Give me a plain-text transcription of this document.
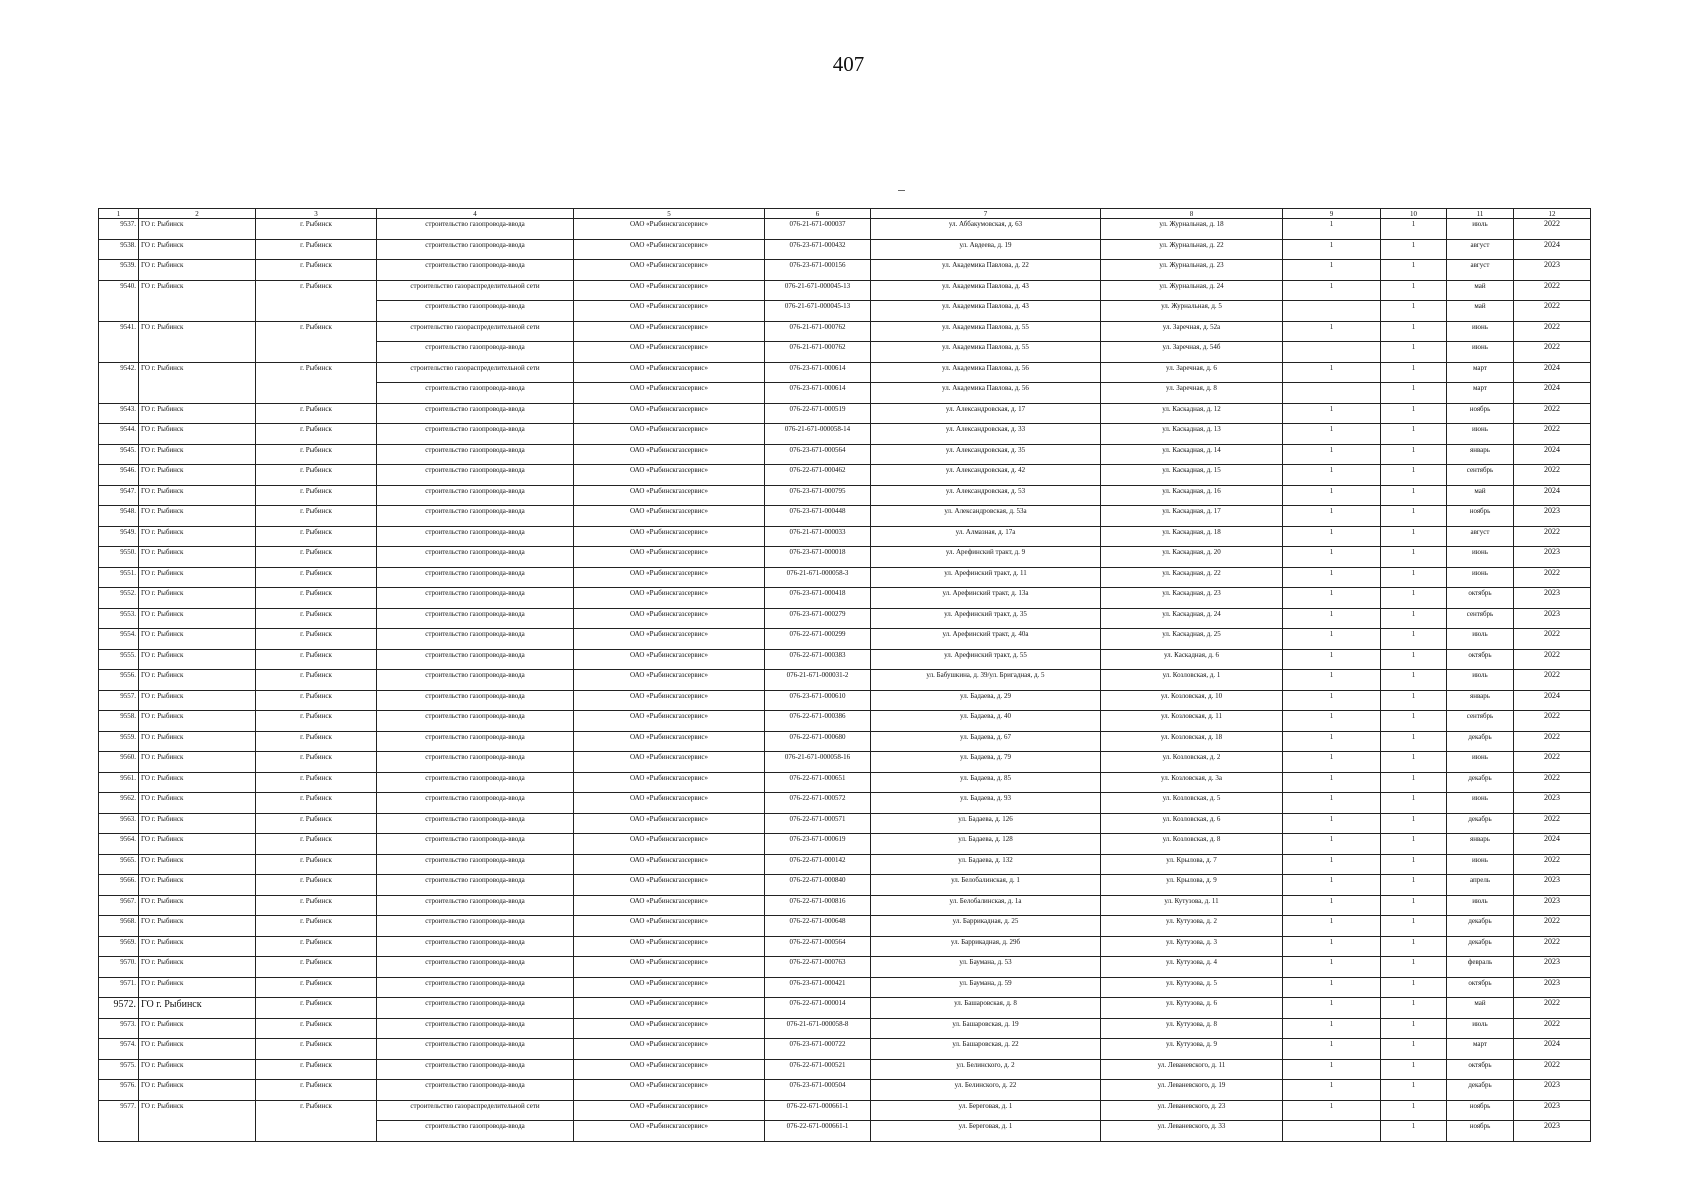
407
1	2	3	4	5	6	7	8	9	10	11	12
9537.	ГО г. Рыбинск	г. Рыбинск	строительство газопровода-ввода	ОАО «Рыбинскгазсервис»	076-21-671-000037	ул. Аббакумовская, д. 63	ул. Журнальная, д. 18	1	1	июль	2022
9538.	ГО г. Рыбинск	г. Рыбинск	строительство газопровода-ввода	ОАО «Рыбинскгазсервис»	076-23-671-000432	ул. Авдеева, д. 19	ул. Журнальная, д. 22	1	1	август	2024
9539.	ГО г. Рыбинск	г. Рыбинск	строительство газопровода-ввода	ОАО «Рыбинскгазсервис»	076-23-671-000156	ул. Академика Павлова, д. 22	ул. Журнальная, д. 23	1	1	август	2023
9540.	ГО г. Рыбинск	г. Рыбинск	строительство газораспределительной сети	ОАО «Рыбинскгазсервис»	076-21-671-000045-13	ул. Академика Павлова, д. 43	ул. Журнальная, д. 24	1	1	май	2022
			строительство газопровода-ввода	ОАО «Рыбинскгазсервис»	076-21-671-000045-13	ул. Академика Павлова, д. 43	ул. Журнальная, д. 5		1	май	2022
9541.	ГО г. Рыбинск	г. Рыбинск	строительство газораспределительной сети	ОАО «Рыбинскгазсервис»	076-21-671-000762	ул. Академика Павлова, д. 55	ул. Заречная, д. 52а	1	1	июнь	2022
			строительство газопровода-ввода	ОАО «Рыбинскгазсервис»	076-21-671-000762	ул. Академика Павлова, д. 55	ул. Заречная, д. 54б		1	июнь	2022
9542.	ГО г. Рыбинск	г. Рыбинск	строительство газораспределительной сети	ОАО «Рыбинскгазсервис»	076-23-671-000614	ул. Академика Павлова, д. 56	ул. Заречная, д. 6	1	1	март	2024
			строительство газопровода-ввода	ОАО «Рыбинскгазсервис»	076-23-671-000614	ул. Академика Павлова, д. 56	ул. Заречная, д. 8		1	март	2024
9543.	ГО г. Рыбинск	г. Рыбинск	строительство газопровода-ввода	ОАО «Рыбинскгазсервис»	076-22-671-000519	ул. Александровская, д. 17	ул. Каскадная, д. 12	1	1	ноябрь	2022
9544.	ГО г. Рыбинск	г. Рыбинск	строительство газопровода-ввода	ОАО «Рыбинскгазсервис»	076-21-671-000058-14	ул. Александровская, д. 33	ул. Каскадная, д. 13	1	1	июнь	2022
9545.	ГО г. Рыбинск	г. Рыбинск	строительство газопровода-ввода	ОАО «Рыбинскгазсервис»	076-23-671-000564	ул. Александровская, д. 35	ул. Каскадная, д. 14	1	1	январь	2024
9546.	ГО г. Рыбинск	г. Рыбинск	строительство газопровода-ввода	ОАО «Рыбинскгазсервис»	076-22-671-000462	ул. Александровская, д. 42	ул. Каскадная, д. 15	1	1	сентябрь	2022
9547.	ГО г. Рыбинск	г. Рыбинск	строительство газопровода-ввода	ОАО «Рыбинскгазсервис»	076-23-671-000795	ул. Александровская, д. 53	ул. Каскадная, д. 16	1	1	май	2024
9548.	ГО г. Рыбинск	г. Рыбинск	строительство газопровода-ввода	ОАО «Рыбинскгазсервис»	076-23-671-000448	ул. Александровская, д. 53а	ул. Каскадная, д. 17	1	1	ноябрь	2023
9549.	ГО г. Рыбинск	г. Рыбинск	строительство газопровода-ввода	ОАО «Рыбинскгазсервис»	076-21-671-000033	ул. Алмазная, д. 17а	ул. Каскадная, д. 18	1	1	август	2022
9550.	ГО г. Рыбинск	г. Рыбинск	строительство газопровода-ввода	ОАО «Рыбинскгазсервис»	076-23-671-000018	ул. Арефинский тракт, д. 9	ул. Каскадная, д. 20	1	1	июнь	2023
9551.	ГО г. Рыбинск	г. Рыбинск	строительство газопровода-ввода	ОАО «Рыбинскгазсервис»	076-21-671-000058-3	ул. Арефинский тракт, д. 11	ул. Каскадная, д. 22	1	1	июнь	2022
9552.	ГО г. Рыбинск	г. Рыбинск	строительство газопровода-ввода	ОАО «Рыбинскгазсервис»	076-23-671-000418	ул. Арефинский тракт, д. 13а	ул. Каскадная, д. 23	1	1	октябрь	2023
9553.	ГО г. Рыбинск	г. Рыбинск	строительство газопровода-ввода	ОАО «Рыбинскгазсервис»	076-23-671-000279	ул. Арефинский тракт, д. 35	ул. Каскадная, д. 24	1	1	сентябрь	2023
9554.	ГО г. Рыбинск	г. Рыбинск	строительство газопровода-ввода	ОАО «Рыбинскгазсервис»	076-22-671-000299	ул. Арефинский тракт, д. 40а	ул. Каскадная, д. 25	1	1	июль	2022
9555.	ГО г. Рыбинск	г. Рыбинск	строительство газопровода-ввода	ОАО «Рыбинскгазсервис»	076-22-671-000383	ул. Арефинский тракт, д. 55	ул. Каскадная, д. 6	1	1	октябрь	2022
9556.	ГО г. Рыбинск	г. Рыбинск	строительство газопровода-ввода	ОАО «Рыбинскгазсервис»	076-21-671-000031-2	ул. Бабушкина, д. 39/ул. Бригадная, д. 5	ул. Козловская, д. 1	1	1	июль	2022
9557.	ГО г. Рыбинск	г. Рыбинск	строительство газопровода-ввода	ОАО «Рыбинскгазсервис»	076-23-671-000610	ул. Бадаева, д. 29	ул. Козловская, д. 10	1	1	январь	2024
9558.	ГО г. Рыбинск	г. Рыбинск	строительство газопровода-ввода	ОАО «Рыбинскгазсервис»	076-22-671-000386	ул. Бадаева, д. 40	ул. Козловская, д. 11	1	1	сентябрь	2022
9559.	ГО г. Рыбинск	г. Рыбинск	строительство газопровода-ввода	ОАО «Рыбинскгазсервис»	076-22-671-000680	ул. Бадаева, д. 67	ул. Козловская, д. 18	1	1	декабрь	2022
9560.	ГО г. Рыбинск	г. Рыбинск	строительство газопровода-ввода	ОАО «Рыбинскгазсервис»	076-21-671-000058-16	ул. Бадаева, д. 79	ул. Козловская, д. 2	1	1	июнь	2022
9561.	ГО г. Рыбинск	г. Рыбинск	строительство газопровода-ввода	ОАО «Рыбинскгазсервис»	076-22-671-000651	ул. Бадаева, д. 85	ул. Козловская, д. 3а	1	1	декабрь	2022
9562.	ГО г. Рыбинск	г. Рыбинск	строительство газопровода-ввода	ОАО «Рыбинскгазсервис»	076-22-671-000572	ул. Бадаева, д. 93	ул. Козловская, д. 5	1	1	июнь	2023
9563.	ГО г. Рыбинск	г. Рыбинск	строительство газопровода-ввода	ОАО «Рыбинскгазсервис»	076-22-671-000571	ул. Бадаева, д. 126	ул. Козловская, д. 6	1	1	декабрь	2022
9564.	ГО г. Рыбинск	г. Рыбинск	строительство газопровода-ввода	ОАО «Рыбинскгазсервис»	076-23-671-000619	ул. Бадаева, д. 128	ул. Козловская, д. 8	1	1	январь	2024
9565.	ГО г. Рыбинск	г. Рыбинск	строительство газопровода-ввода	ОАО «Рыбинскгазсервис»	076-22-671-000142	ул. Бадаева, д. 132	ул. Крылова, д. 7	1	1	июнь	2022
9566.	ГО г. Рыбинск	г. Рыбинск	строительство газопровода-ввода	ОАО «Рыбинскгазсервис»	076-22-671-000840	ул. Белобалинская, д. 1	ул. Крылова, д. 9	1	1	апрель	2023
9567.	ГО г. Рыбинск	г. Рыбинск	строительство газопровода-ввода	ОАО «Рыбинскгазсервис»	076-22-671-000816	ул. Белобалинская, д. 1а	ул. Кутузова, д. 11	1	1	июль	2023
9568.	ГО г. Рыбинск	г. Рыбинск	строительство газопровода-ввода	ОАО «Рыбинскгазсервис»	076-22-671-000648	ул. Баррикадная, д. 25	ул. Кутузова, д. 2	1	1	декабрь	2022
9569.	ГО г. Рыбинск	г. Рыбинск	строительство газопровода-ввода	ОАО «Рыбинскгазсервис»	076-22-671-000564	ул. Баррикадная, д. 29б	ул. Кутузова, д. 3	1	1	декабрь	2022
9570.	ГО г. Рыбинск	г. Рыбинск	строительство газопровода-ввода	ОАО «Рыбинскгазсервис»	076-22-671-000763	ул. Баумана, д. 53	ул. Кутузова, д. 4	1	1	февраль	2023
9571.	ГО г. Рыбинск	г. Рыбинск	строительство газопровода-ввода	ОАО «Рыбинскгазсервис»	076-23-671-000421	ул. Баумана, д. 59	ул. Кутузова, д. 5	1	1	октябрь	2023
9572.	ГО г. Рыбинск	г. Рыбинск	строительство газопровода-ввода	ОАО «Рыбинскгазсервис»	076-22-671-000014	ул. Башаровская, д. 8	ул. Кутузова, д. 6	1	1	май	2022
9573.	ГО г. Рыбинск	г. Рыбинск	строительство газопровода-ввода	ОАО «Рыбинскгазсервис»	076-21-671-000058-8	ул. Башаровская, д. 19	ул. Кутузова, д. 8	1	1	июль	2022
9574.	ГО г. Рыбинск	г. Рыбинск	строительство газопровода-ввода	ОАО «Рыбинскгазсервис»	076-23-671-000722	ул. Башаровская, д. 22	ул. Кутузова, д. 9	1	1	март	2024
9575.	ГО г. Рыбинск	г. Рыбинск	строительство газопровода-ввода	ОАО «Рыбинскгазсервис»	076-22-671-000521	ул. Белинского, д. 2	ул. Леваневского, д. 11	1	1	октябрь	2022
9576.	ГО г. Рыбинск	г. Рыбинск	строительство газопровода-ввода	ОАО «Рыбинскгазсервис»	076-23-671-000504	ул. Белинского, д. 22	ул. Леваневского, д. 19	1	1	декабрь	2023
9577.	ГО г. Рыбинск	г. Рыбинск	строительство газораспределительной сети	ОАО «Рыбинскгазсервис»	076-22-671-000661-1	ул. Береговая, д. 1	ул. Леваневского, д. 23	1	1	ноябрь	2023
			строительство газопровода-ввода	ОАО «Рыбинскгазсервис»	076-22-671-000661-1	ул. Береговая, д. 1	ул. Леваневского, д. 33		1	ноябрь	2023
